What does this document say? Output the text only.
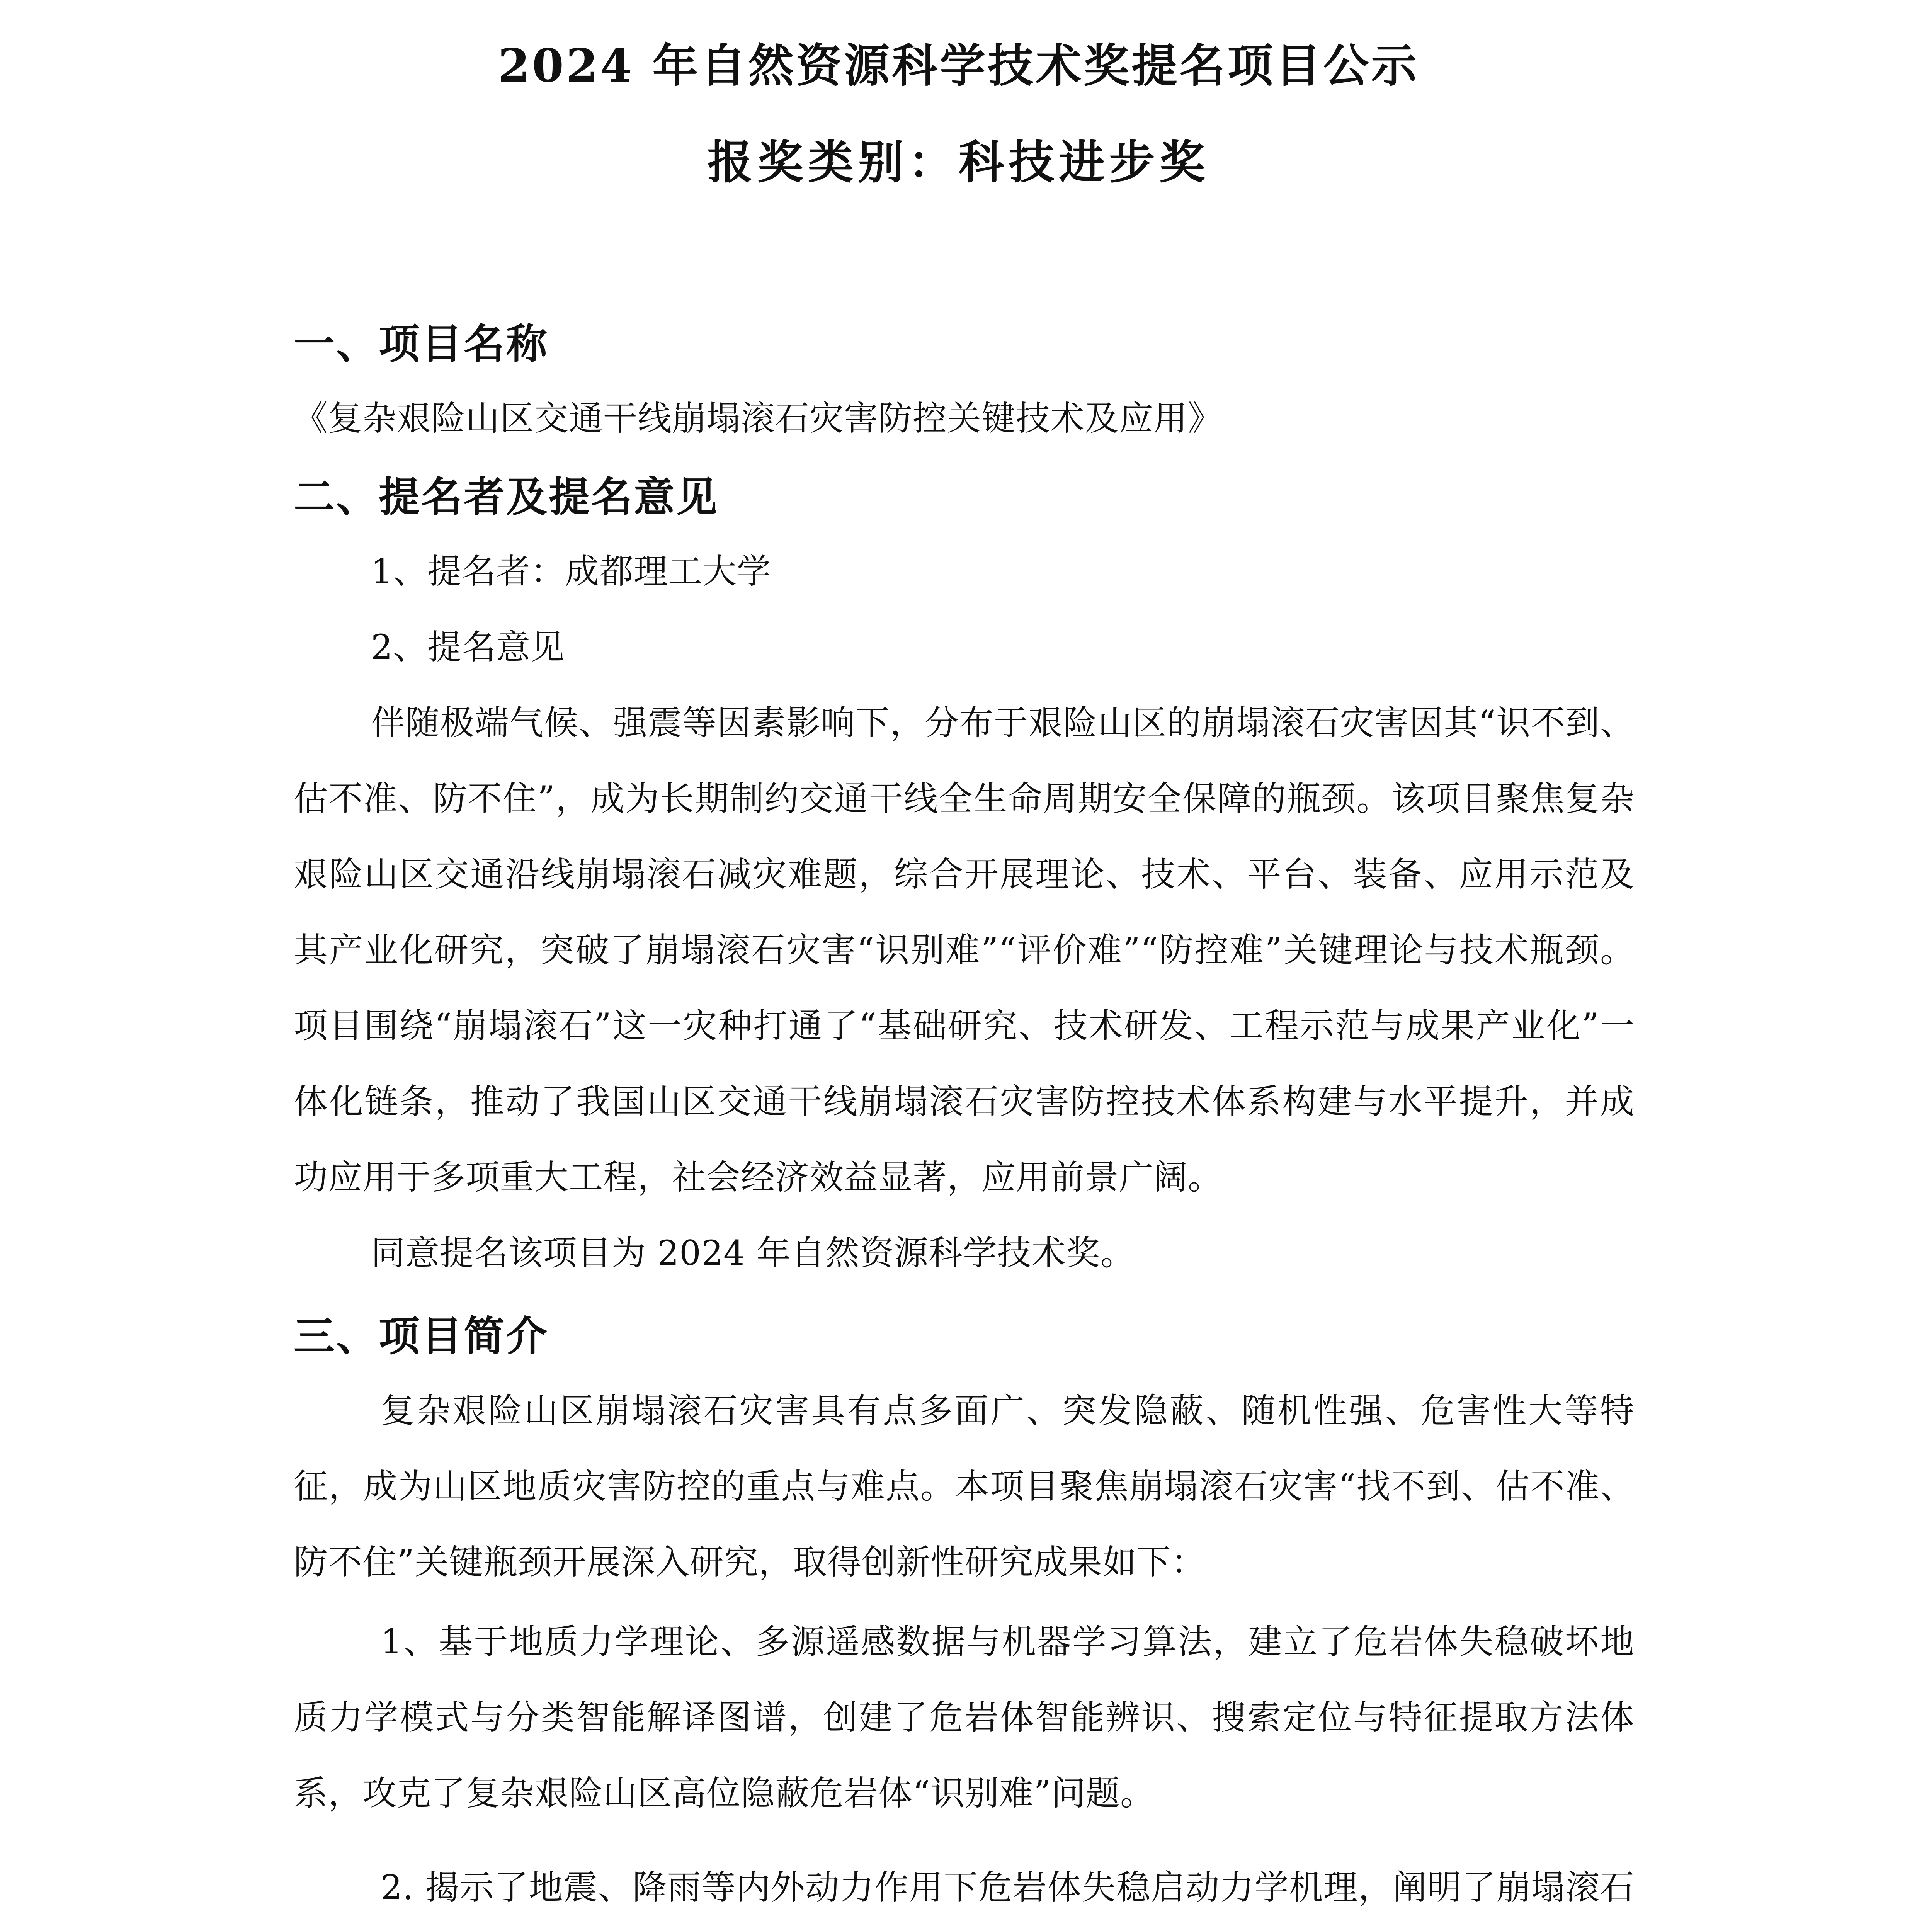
2024 年自然资源科学技术奖提名项目公示
报奖类别：科技进步奖
一、项目名称

《复杂艰险山区交通干线崩塌滚石灾害防控关键技术及应用》

二、提名者及提名意见

1、提名者：成都理工大学

2、提名意见

伴随极端气候、强震等因素影响下，分布于艰险山区的崩塌滚石灾害因其“识不到、估不准、防不住”，成为长期制约交通干线全生命周期安全保障的瓶颈。该项目聚焦复杂艰险山区交通沿线崩塌滚石减灾难题，综合开展理论、技术、平台、装备、应用示范及其产业化研究，突破了崩塌滚石灾害“识别难”“评价难”“防控难”关键理论与技术瓶颈。项目围绕“崩塌滚石”这一灾种打通了“基础研究、技术研发、工程示范与成果产业化”一体化链条，推动了我国山区交通干线崩塌滚石灾害防控技术体系构建与水平提升，并成功应用于多项重大工程，社会经济效益显著，应用前景广阔。

同意提名该项目为 2024 年自然资源科学技术奖。

三、项目简介

复杂艰险山区崩塌滚石灾害具有点多面广、突发隐蔽、随机性强、危害性大等特征，成为山区地质灾害防控的重点与难点。本项目聚焦崩塌滚石灾害“找不到、估不准、防不住”关键瓶颈开展深入研究，取得创新性研究成果如下：

1、基于地质力学理论、多源遥感数据与机器学习算法，建立了危岩体失稳破坏地质力学模式与分类智能解译图谱，创建了危岩体智能辨识、搜索定位与特征提取方法体系，攻克了复杂艰险山区高位隐蔽危岩体“识别难”问题。

2. 揭示了地震、降雨等内外动力作用下危岩体失稳启动力学机理，阐明了崩塌滚石
